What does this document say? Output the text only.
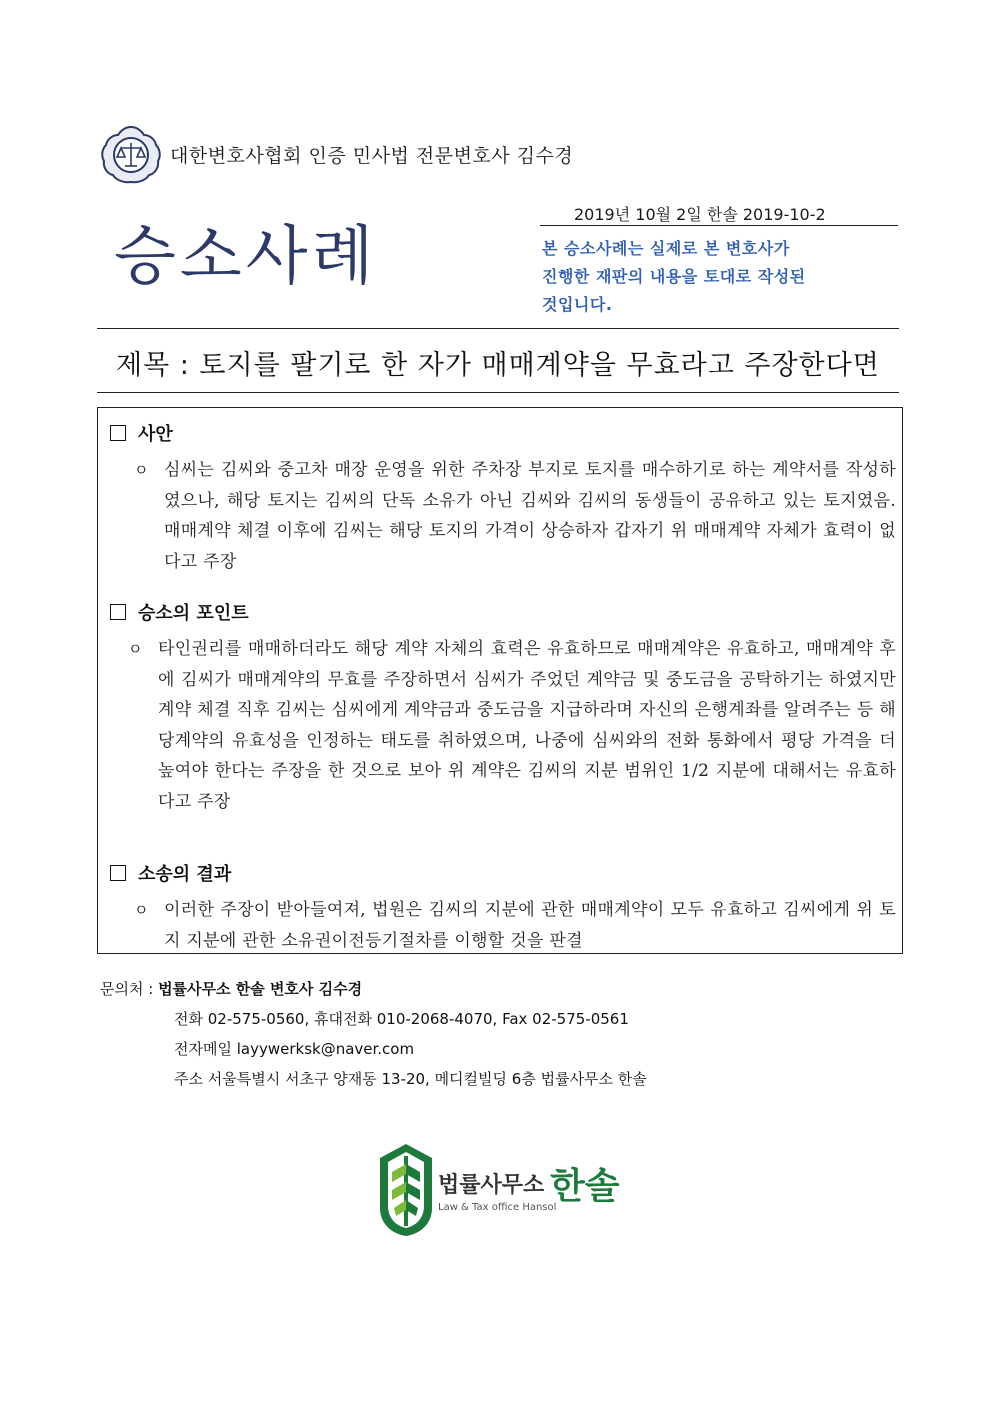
대한변호사협회 인증 민사법 전문변호사 김수경
2019년 10월 2일 한솔 2019-10-2
승소사례	본 승소사례는 실제로 본 변호사가
진행한 재판의 내용을 토대로 작성된
것입니다.
제목 : 토지를 팔기로 한 자가 매매계약을 무효라고 주장한다면
사안
ㅇ 심씨는 김씨와 중고차 매장 운영을 위한 주차장 부지로 토지를 매수하기로 하는 계약서를 작성하였으나, 해당 토지는 김씨의 단독 소유가 아닌 김씨와 김씨의 동생들이 공유하고 있는 토지였음. 매매계약 체결 이후에 김씨는 해당 토지의 가격이 상승하자 갑자기 위 매매계약 자체가 효력이 없다고 주장
승소의 포인트
ㅇ 타인권리를 매매하더라도 해당 계약 자체의 효력은 유효하므로 매매계약은 유효하고, 매매계약 후에 김씨가 매매계약의 무효를 주장하면서 심씨가 주었던 계약금 및 중도금을 공탁하기는 하였지만 계약 체결 직후 김씨는 심씨에게 계약금과 중도금을 지급하라며 자신의 은행계좌를 알려주는 등 해당계약의 유효성을 인정하는 태도를 취하였으며, 나중에 심씨와의 전화 통화에서 평당 가격을 더 높여야 한다는 주장을 한 것으로 보아 위 계약은 김씨의 지분 범위인 1/2 지분에 대해서는 유효하다고 주장
소송의 결과
ㅇ 이러한 주장이 받아들여져, 법원은 김씨의 지분에 관한 매매계약이 모두 유효하고 김씨에게 위 토지 지분에 관한 소유권이전등기절차를 이행할 것을 판결
문의처 : 법률사무소 한솔 변호사 김수경
전화 02-575-0560, 휴대전화 010-2068-4070, Fax 02-575-0561
전자메일 layywerksk@naver.com
주소 서울특별시 서초구 양재동 13-20, 메디컬빌딩 6층 법률사무소 한솔
법률사무소 한솔
Law & Tax office Hansol
